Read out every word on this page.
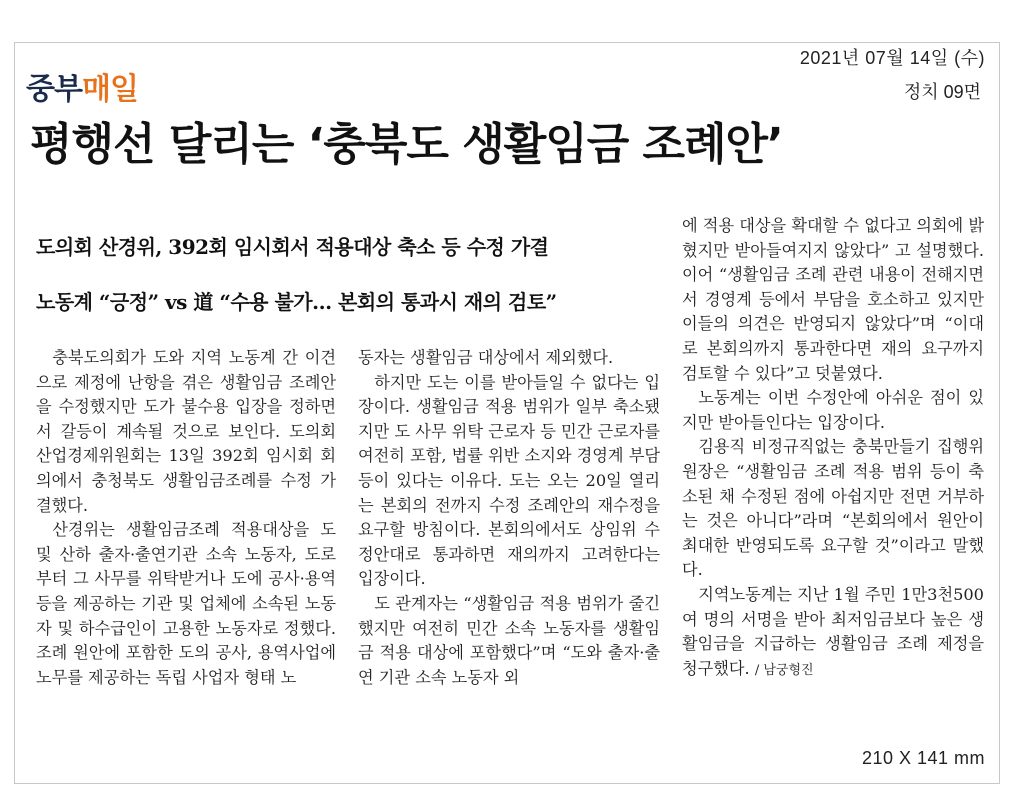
2021년 07월 14일 (수)
정치 09면
중부매일
평행선 달리는 ‘충북도 생활임금 조례안’
도의회 산경위, 392회 임시회서 적용대상 축소 등 수정 가결
노동계 “긍정” vs 道 “수용 불가… 본회의 통과시 재의 검토”

충북도의회가 도와 지역 노동계 간 이견으로 제정에 난항을 겪은 생활임금 조례안을 수정했지만 도가 불수용 입장을 정하면서 갈등이 계속될 것으로 보인다. 도의회 산업경제위원회는 13일 392회 임시회 회의에서 충청북도 생활임금조례를 수정 가결했다.

산경위는 생활임금조례 적용대상을 도 및 산하 출자·출연기관 소속 노동자, 도로부터 그 사무를 위탁받거나 도에 공사·용역 등을 제공하는 기관 및 업체에 소속된 노동자 및 하수급인이 고용한 노동자로 정했다. 조례 원안에 포함한 도의 공사, 용역사업에 노무를 제공하는 독립 사업자 형태 노

동자는 생활임금 대상에서 제외했다.

하지만 도는 이를 받아들일 수 없다는 입장이다. 생활임금 적용 범위가 일부 축소됐지만 도 사무 위탁 근로자 등 민간 근로자를 여전히 포함, 법률 위반 소지와 경영계 부담 등이 있다는 이유다. 도는 오는 20일 열리는 본회의 전까지 수정 조례안의 재수정을 요구할 방침이다. 본회의에서도 상임위 수정안대로 통과하면 재의까지 고려한다는 입장이다.

도 관계자는 “생활임금 적용 범위가 줄긴 했지만 여전히 민간 소속 노동자를 생활임금 적용 대상에 포함했다”며 “도와 출자·출연 기관 소속 노동자 외

에 적용 대상을 확대할 수 없다고 의회에 밝혔지만 받아들여지지 않았다” 고 설명했다. 이어 “생활임금 조례 관련 내용이 전해지면서 경영계 등에서 부담을 호소하고 있지만 이들의 의견은 반영되지 않았다”며 “이대로 본회의까지 통과한다면 재의 요구까지 검토할 수 있다”고 덧붙였다.

노동계는 이번 수정안에 아쉬운 점이 있지만 받아들인다는 입장이다.

김용직 비정규직없는 충북만들기 집행위원장은 “생활임금 조례 적용 범위 등이 축소된 채 수정된 점에 아쉽지만 전면 거부하는 것은 아니다”라며 “본회의에서 원안이 최대한 반영되도록 요구할 것”이라고 말했다.

지역노동계는 지난 1월 주민 1만3천500여 명의 서명을 받아 최저임금보다 높은 생활임금을 지급하는 생활임금 조례 제정을 청구했다. / 남궁형진

210 X 141 mm
